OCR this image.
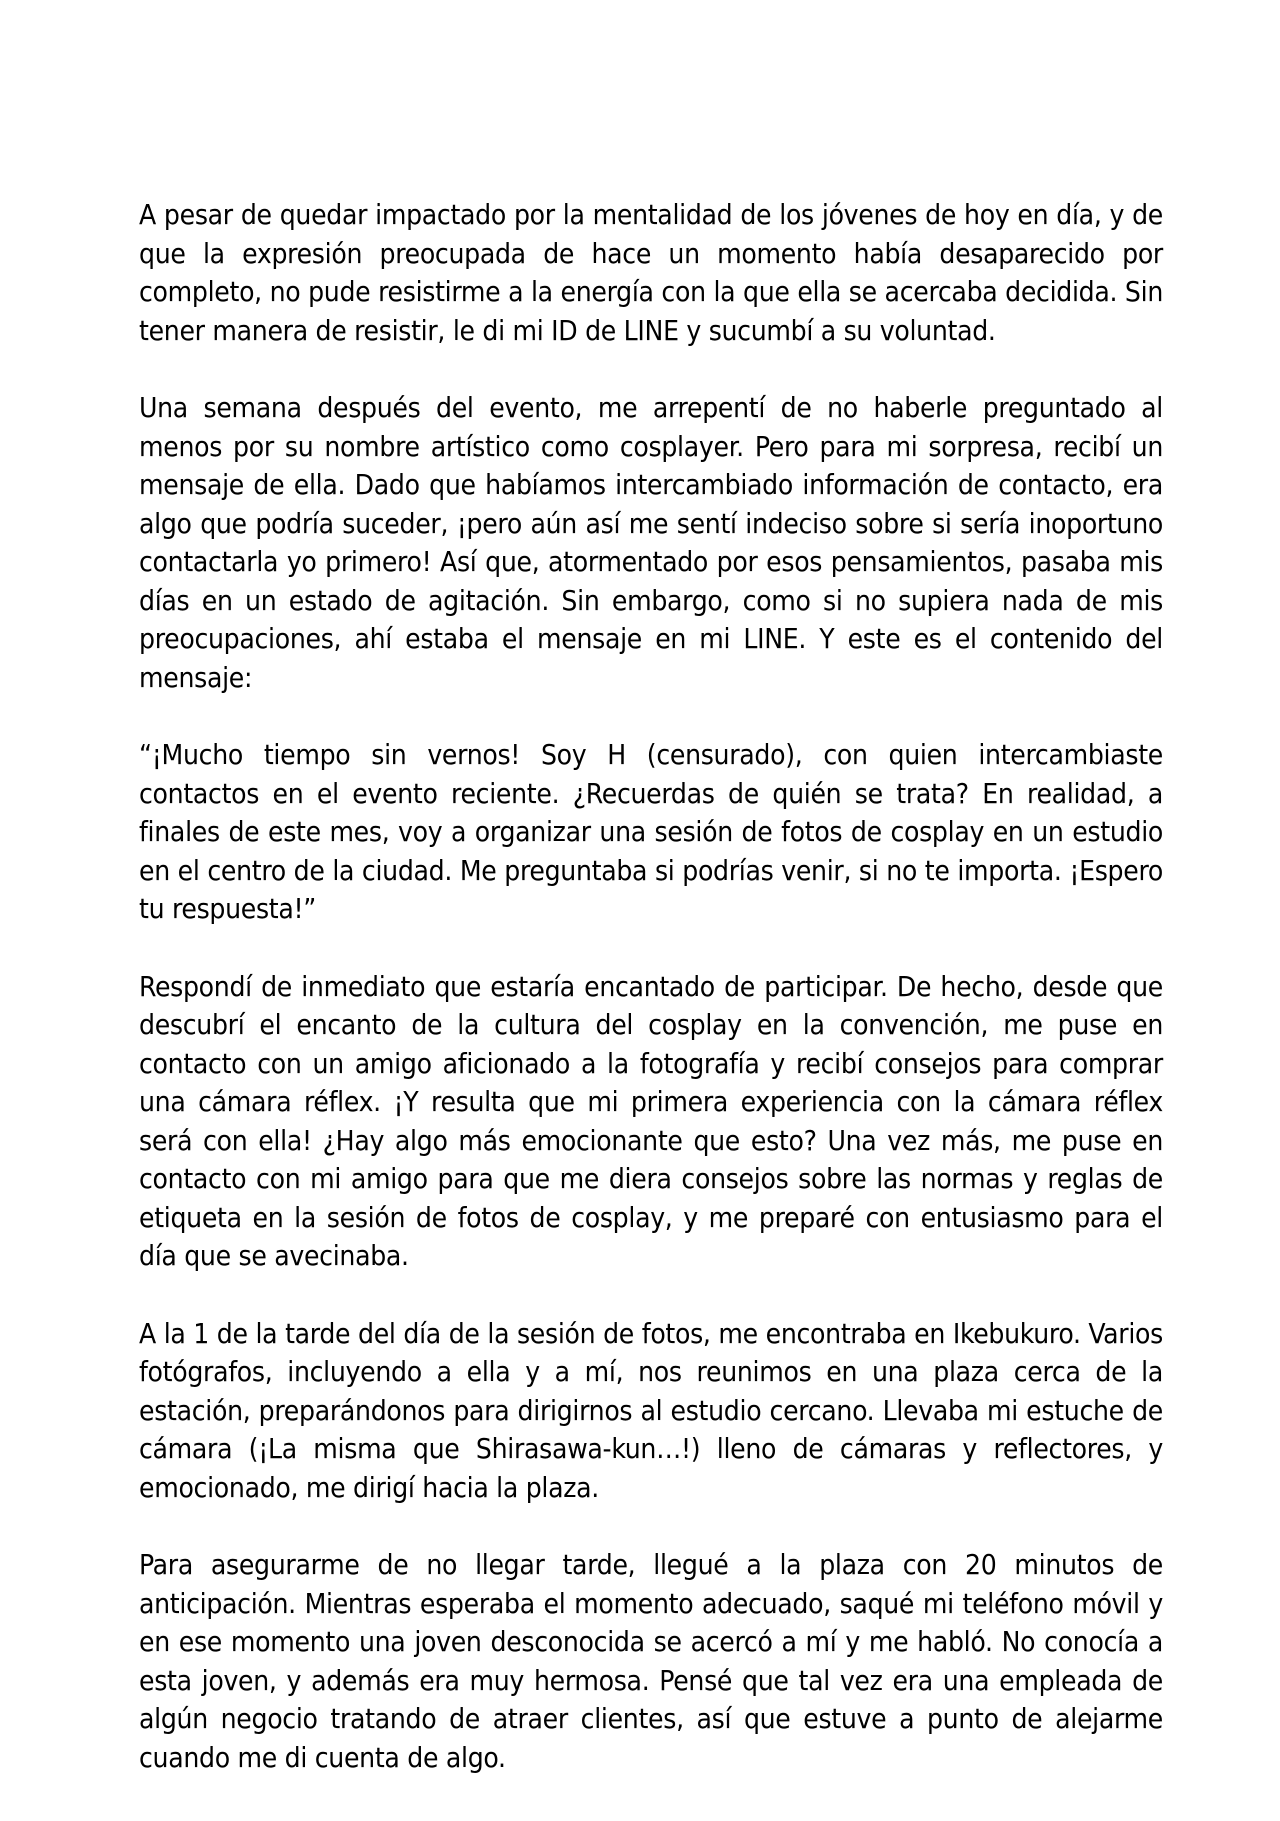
A pesar de quedar impactado por la mentalidad de los jóvenes de hoy en día, y de que la expresión preocupada de hace un momento había desaparecido por completo, no pude resistirme a la energía con la que ella se acercaba decidida. Sin tener manera de resistir, le di mi ID de LINE y sucumbí a su voluntad.

Una semana después del evento, me arrepentí de no haberle preguntado al menos por su nombre artístico como cosplayer. Pero para mi sorpresa, recibí un mensaje de ella. Dado que habíamos intercambiado información de contacto, era algo que podría suceder, ¡pero aún así me sentí indeciso sobre si sería inoportuno contactarla yo primero! Así que, atormentado por esos pensamientos, pasaba mis días en un estado de agitación. Sin embargo, como si no supiera nada de mis preocupaciones, ahí estaba el mensaje en mi LINE. Y este es el contenido del mensaje:

“¡Mucho tiempo sin vernos! Soy H (censurado), con quien intercambiaste contactos en el evento reciente. ¿Recuerdas de quién se trata? En realidad, a finales de este mes, voy a organizar una sesión de fotos de cosplay en un estudio en el centro de la ciudad. Me preguntaba si podrías venir, si no te importa. ¡Espero tu respuesta!”

Respondí de inmediato que estaría encantado de participar. De hecho, desde que descubrí el encanto de la cultura del cosplay en la convención, me puse en contacto con un amigo aficionado a la fotografía y recibí consejos para comprar una cámara réflex. ¡Y resulta que mi primera experiencia con la cámara réflex será con ella! ¿Hay algo más emocionante que esto? Una vez más, me puse en contacto con mi amigo para que me diera consejos sobre las normas y reglas de etiqueta en la sesión de fotos de cosplay, y me preparé con entusiasmo para el día que se avecinaba.

A la 1 de la tarde del día de la sesión de fotos, me encontraba en Ikebukuro. Varios fotógrafos, incluyendo a ella y a mí, nos reunimos en una plaza cerca de la estación, preparándonos para dirigirnos al estudio cercano. Llevaba mi estuche de cámara (¡La misma que Shirasawa-kun…!) lleno de cámaras y reflectores, y emocionado, me dirigí hacia la plaza.

Para asegurarme de no llegar tarde, llegué a la plaza con 20 minutos de anticipación. Mientras esperaba el momento adecuado, saqué mi teléfono móvil y en ese momento una joven desconocida se acercó a mí y me habló. No conocía a esta joven, y además era muy hermosa. Pensé que tal vez era una empleada de algún negocio tratando de atraer clientes, así que estuve a punto de alejarme cuando me di cuenta de algo.
